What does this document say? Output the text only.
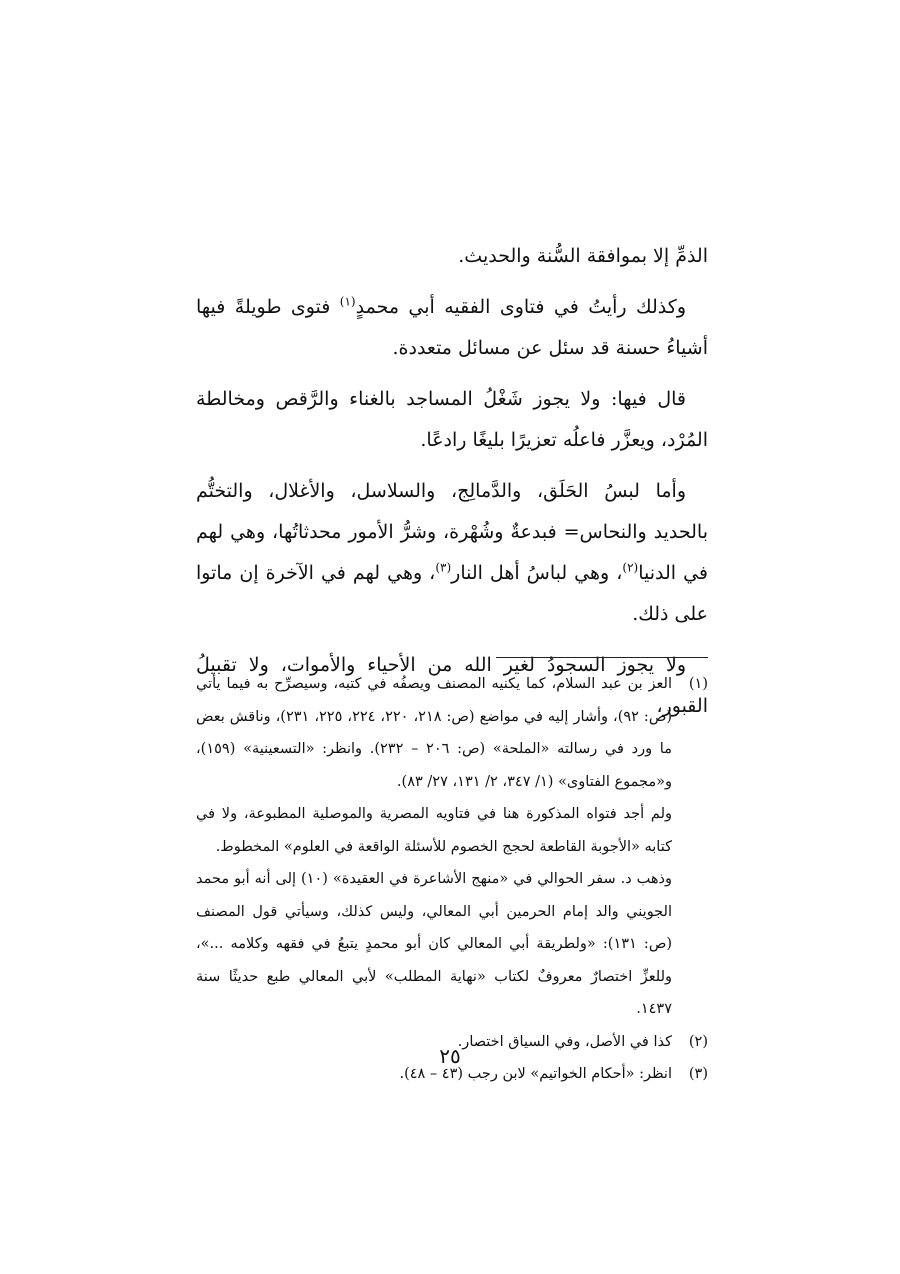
الذمِّ إلا بموافقة السُّنة والحديث.

وكذلك رأيتُ في فتاوى الفقيه أبي محمدٍ$^{(١)}$ فتوى طويلةً فيها أشياءُ حسنة قد سئل عن مسائل متعددة.

قال فيها: ولا يجوز شَغْلُ المساجد بالغناء والرَّقص ومخالطة المُرْد، ويعزَّر فاعلُه تعزيرًا بليغًا رادعًا.

وأما لبسُ الحَلَق، والدَّمالِج، والسلاسل، والأغلال، والتختُّم بالحديد والنحاس= فبدعةٌ وشُهْرة، وشرُّ الأمور محدثاتُها، وهي لهم في الدنيا$^{(٢)}$، وهي لباسُ أهل النار$^{(٣)}$، وهي لهم في الآخرة إن ماتوا على ذلك.

ولا يجوز السجودُ لغير الله من الأحياء والأموات، ولا تقبيلُ القبور،

(١)

العز بن عبد السلام، كما يكنيه المصنف ويصفُه في كتبه، وسيصرِّح به فيما يأتي (ص: ٩٢)، وأشار إليه في مواضع (ص: ٢١٨، ٢٢٠، ٢٢٤، ٢٢٥، ٢٣١)، وناقش بعض ما ورد في رسالته «الملحة» (ص: ٢٠٦ – ٢٣٢). وانظر: «التسعينية» (١٥٩)، و«مجموع الفتاوى» (١/ ٣٤٧، ٢/ ١٣١، ٢٧/ ٨٣).

ولم أجد فتواه المذكورة هنا في فتاويه المصرية والموصلية المطبوعة، ولا في كتابه «الأجوبة القاطعة لحجج الخصوم للأسئلة الواقعة في العلوم» المخطوط.

وذهب د. سفر الحوالي في «منهج الأشاعرة في العقيدة» (١٠) إلى أنه أبو محمد الجويني والد إمام الحرمين أبي المعالي، وليس كذلك، وسيأتي قول المصنف (ص: ١٣١): «ولطريقة أبي المعالي كان أبو محمدٍ يتبعُ في فقهه وكلامه ...»، وللعزِّ اختصارٌ معروفٌ لكتاب «نهاية المطلب» لأبي المعالي طبع حديثًا سنة ١٤٣٧.

(٢)

كذا في الأصل، وفي السياق اختصار.

(٣)

انظر: «أحكام الخواتيم» لابن رجب (٤٣ – ٤٨).

٢٥
